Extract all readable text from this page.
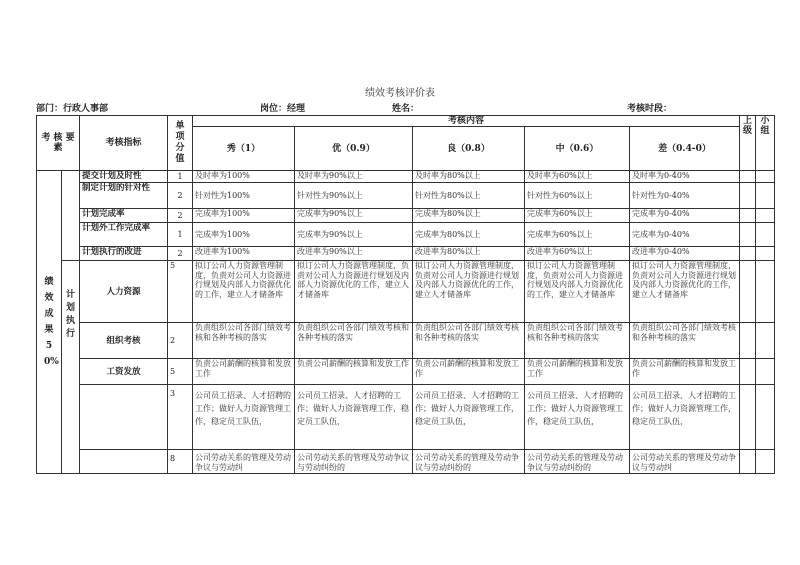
绩效考核评价表
部门：行政人事部	岗位：经理	姓名：	考核时段：
考 核 要 素		考核指标	单项分值	考核内容					上级	小组
				秀（1）	优（0.9）	良（0.8）	中（0.6）	差（0.4-0）		
绩效成果 50%		提交计划及时性	1	及时率为100%	及时率为90%以上	及时率为80%以上	及时率为60%以上	及时率为0-40%		
		制定计划的针对性	2	针对性为100%	针对性为90%以上	针对性为80%以上	针对性为60%以上	针对性为0-40%		
		计划完成率	2	完成率为100%	完成率为90%以上	完成率为80%以上	完成率为60%以上	完成率为0-40%		
		计划外工作完成率	1	完成率为100%	完成率为90%以上	完成率为80%以上	完成率为60%以上	完成率为0-40%		
		计划执行的改进	2	改进率为100%	改进率为90%以上	改进率为80%以上	改进率为60%以上	改进率为0-40%		
	计划执行	人力资源	5	拟订公司人力资源管理制度，负责对公司人力资源进行规划及内部人力资源优化的工作，建立人才储备库	拟订公司人力资源管理制度，负责对公司人力资源进行规划及内部人力资源优化的工作，建立人才储备库	拟订公司人力资源管理制度，负责对公司人力资源进行规划及内部人力资源优化的工作，建立人才储备库	拟订公司人力资源管理制度，负责对公司人力资源进行规划及内部人力资源优化的工作，建立人才储备库	拟订公司人力资源管理制度，负责对公司人力资源进行规划及内部人力资源优化的工作，建立人才储备库		
		组织考核	2	负责组织公司各部门绩效考核和各种考核的落实	负责组织公司各部门绩效考核和各种考核的落实	负责组织公司各部门绩效考核和各种考核的落实	负责组织公司各部门绩效考核和各种考核的落实	负责组织公司各部门绩效考核和各种考核的落实		
		工资发放	5	负责公司薪酬的核算和发放工作	负责公司薪酬的核算和发放工作	负责公司薪酬的核算和发放工作	负责公司薪酬的核算和发放工作	负责公司薪酬的核算和发放工作		
			3	公司员工招录、人才招聘的工作；做好人力资源管理工作，稳定员工队伍，	公司员工招录、人才招聘的工作；做好人力资源管理工作，稳定员工队伍，	公司员工招录、人才招聘的工作；做好人力资源管理工作，稳定员工队伍，	公司员工招录、人才招聘的工作；做好人力资源管理工作，稳定员工队伍，	公司员工招录、人才招聘的工作；做好人力资源管理工作，稳定员工队伍，		
			8	公司劳动关系的管理及劳动争议与劳动纠	公司劳动关系的管理及劳动争议与劳动纠纷的	公司劳动关系的管理及劳动争议与劳动纠纷的	公司劳动关系的管理及劳动争议与劳动纠纷的	公司劳动关系的管理及劳动争议与劳动纠		
